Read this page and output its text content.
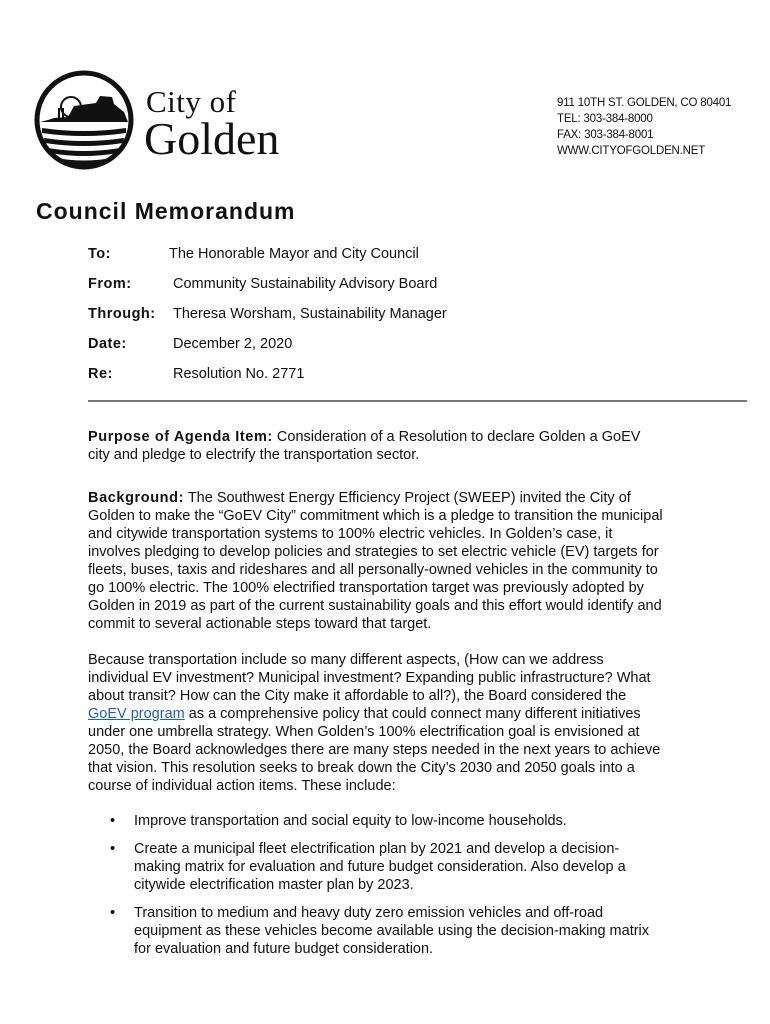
City of
Golden
911 10TH ST. GOLDEN, CO 80401
TEL: 303-384-8000
FAX: 303-384-8001
WWW.CITYOFGOLDEN.NET
Council Memorandum
To:	The Honorable Mayor and City Council
From:	Community Sustainability Advisory Board
Through: Theresa Worsham, Sustainability Manager
Date:	December 2, 2020
Re:	Resolution No. 2771
Purpose of Agenda Item: Consideration of a Resolution to declare Golden a GoEV city and pledge to electrify the transportation sector.
Background: The Southwest Energy Efficiency Project (SWEEP) invited the City of Golden to make the “GoEV City” commitment which is a pledge to transition the municipal and citywide transportation systems to 100% electric vehicles. In Golden’s case, it involves pledging to develop policies and strategies to set electric vehicle (EV) targets for fleets, buses, taxis and rideshares and all personally-owned vehicles in the community to go 100% electric. The 100% electrified transportation target was previously adopted by Golden in 2019 as part of the current sustainability goals and this effort would identify and commit to several actionable steps toward that target.
Because transportation include so many different aspects, (How can we address individual EV investment? Municipal investment? Expanding public infrastructure? What about transit? How can the City make it affordable to all?), the Board considered the GoEV program as a comprehensive policy that could connect many different initiatives under one umbrella strategy. When Golden’s 100% electrification goal is envisioned at 2050, the Board acknowledges there are many steps needed in the next years to achieve that vision. This resolution seeks to break down the City’s 2030 and 2050 goals into a course of individual action items. These include:
• Improve transportation and social equity to low-income households.
• Create a municipal fleet electrification plan by 2021 and develop a decision-making matrix for evaluation and future budget consideration. Also develop a citywide electrification master plan by 2023.
• Transition to medium and heavy duty zero emission vehicles and off-road equipment as these vehicles become available using the decision-making matrix for evaluation and future budget consideration.
